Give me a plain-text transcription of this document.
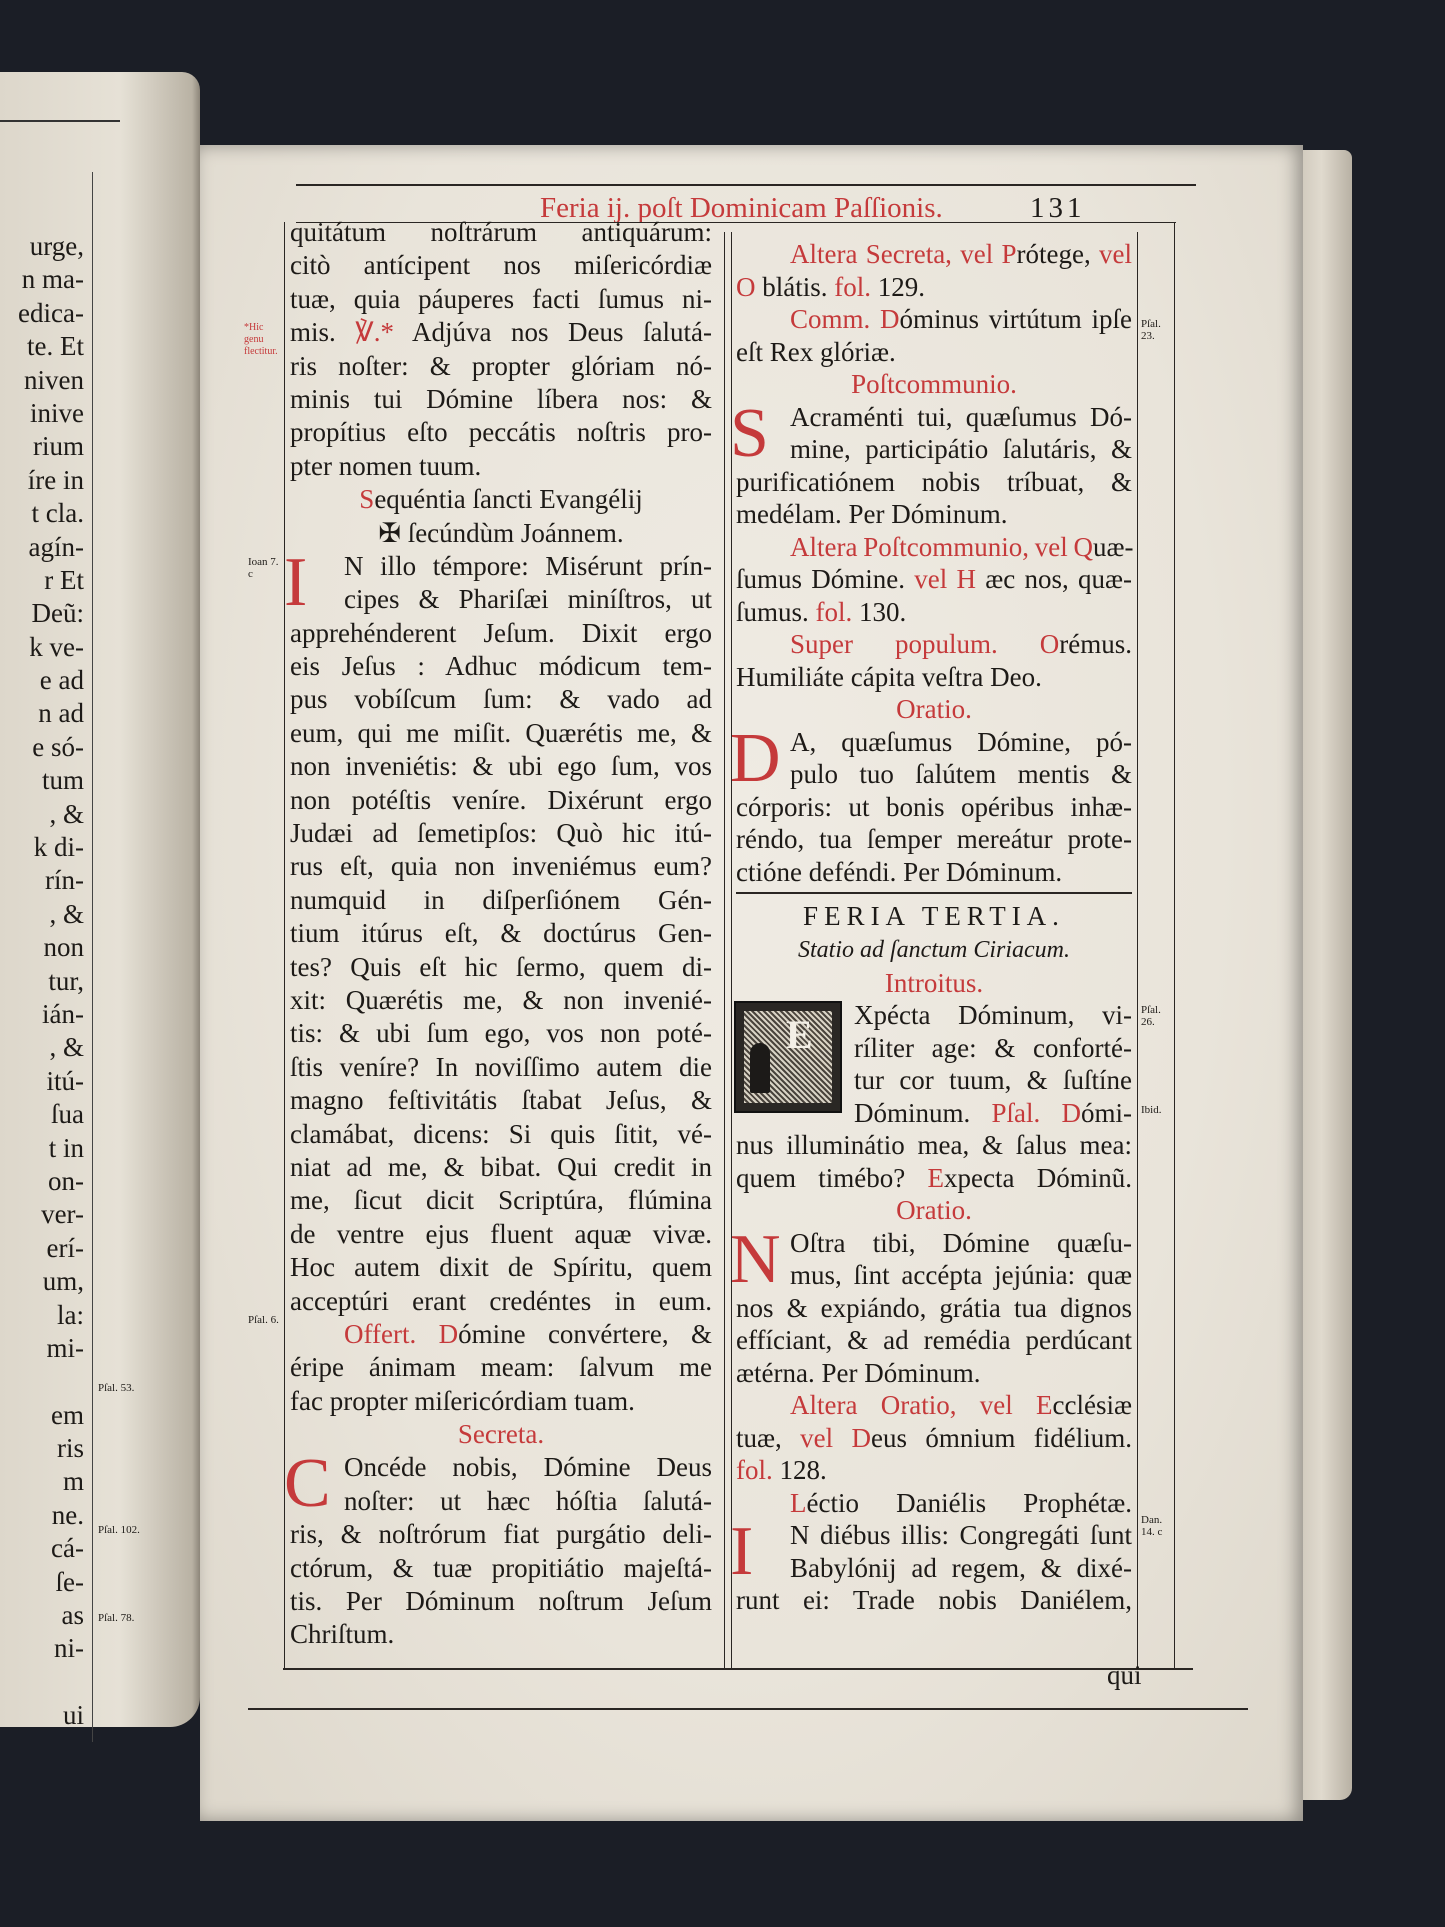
urge,
n ma-
edica-
te. Et
niven
inive
rium
íre in
t cla.
agín-
r Et
Deũ:
k ve-
e ad
n ad
e só-
tum
, &
k di-
rín-
, &
non
tur,
ián-
, &
itú-
ſua
t in
on-
ver-
erí-
um,
la:
mi-
em
ris
m
ne.
cá-
ſe-
as
ni-
ui
Pſal. 53.
Pſal. 102.
Pſal. 78.
Feria ij. poſt Dominicam Paſſionis.	131
*Hic genu flectitur.
Ioan 7. c
Pſal. 6.
Pſal. 23.
Pſal. 26.
Ibid.
Dan. 14. c
quitátum noſtrárum antiquárum:
citò antícipent nos miſericórdiæ
tuæ, quia páuperes facti ſumus ni-
mis. ℣.* Adjúva nos Deus ſalutá-
ris noſter: & propter glóriam nó-
minis tui Dómine líbera nos: &
propítius eſto peccátis noſtris pro-
pter nomen tuum.
Sequéntia ſancti Evangélij
✠ ſecúndùm Joánnem.
I N illo témpore: Misérunt prín-
cipes & Phariſæi miníſtros, ut
apprehénderent Jeſum. Dixit ergo
eis Jeſus : Adhuc módicum tem-
pus vobíſcum ſum: & vado ad
eum, qui me miſit. Quærétis me, &
non inveniétis: & ubi ego ſum, vos
non potéſtis veníre. Dixérunt ergo
Judæi ad ſemetipſos: Quò hic itú-
rus eſt, quia non inveniémus eum?
numquid in diſperſiónem Gén-
tium itúrus eſt, & doctúrus Gen-
tes? Quis eſt hic ſermo, quem di-
xit: Quærétis me, & non invenié-
tis: & ubi ſum ego, vos non poté-
ſtis veníre? In noviſſimo autem die
magno feſtivitátis ſtabat Jeſus, &
clamábat, dicens: Si quis ſitit, vé-
niat ad me, & bibat. Qui credit in
me, ſicut dicit Scriptúra, flúmina
de ventre ejus fluent aquæ vivæ.
Hoc autem dixit de Spíritu, quem
acceptúri erant credéntes in eum.
Offert. Dómine convértere, &
éripe ánimam meam: ſalvum me
fac propter miſericórdiam tuam.
Secreta.
C Oncéde nobis, Dómine Deus
noſter: ut hæc hóſtia ſalutá-
ris, & noſtrórum fiat purgátio deli-
ctórum, & tuæ propitiátio majeſtá-
tis. Per Dóminum noſtrum Jeſum
Chriſtum.
Altera Secreta, vel Prótege, vel
O blátis. fol. 129.
Comm. Dóminus virtútum ipſe
eſt Rex glóriæ.
Poſtcommunio.
S Acraménti tui, quæſumus Dó-
mine, participátio ſalutáris, &
purificatiónem nobis tríbuat, &
medélam. Per Dóminum.
Altera Poſtcommunio, vel Quæ-
ſumus Dómine. vel H æc nos, quæ-
ſumus. fol. 130.
Super populum. Orémus.
Humiliáte cápita veſtra Deo.
Oratio.
D A, quæſumus Dómine, pó-
pulo tuo ſalútem mentis &
córporis: ut bonis opéribus inhæ-
réndo, tua ſemper mereátur prote-
ctióne deféndi. Per Dóminum.
FERIA TERTIA.
Statio ad ſanctum Ciriacum.
Introitus.
E Xpécta Dóminum, vi-
ríliter age: & conforté-
tur cor tuum, & ſuſtíne
Dóminum. Pſal. Dómi-
nus illuminátio mea, & ſalus mea:
quem timébo? Expecta Dóminũ.
Oratio.
N Oſtra tibi, Dómine quæſu-
mus, ſint accépta jejúnia: quæ
nos & expiándo, grátia tua dignos
effíciant, & ad remédia perdúcant
ætérna. Per Dóminum.
Altera Oratio, vel Ecclésiæ
tuæ, vel Deus ómnium fidélium.
fol. 128.
Léctio Daniélis Prophétæ.
I N diébus illis: Congregáti ſunt
Babylónij ad regem, & dixé-
runt ei: Trade nobis Daniélem,
qui
